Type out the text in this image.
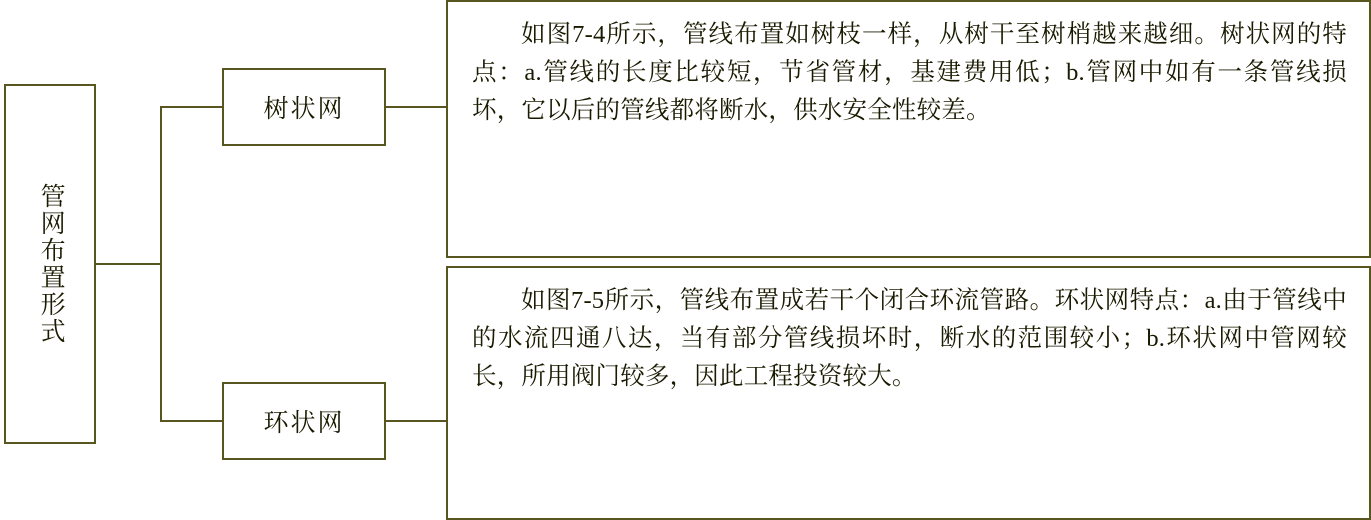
管网布置形式
树状网

如图7-4所示，管线布置如树枝一样，从树干至树梢越来越细。树状网的特点：a.管线的长度比较短，节省管材，基建费用低；b.管网中如有一条管线损坏，它以后的管线都将断水，供水安全性较差。

环状网

如图7-5所示，管线布置成若干个闭合环流管路。环状网特点：a.由于管线中的水流四通八达，当有部分管线损坏时，断水的范围较小；b.环状网中管网较长，所用阀门较多，因此工程投资较大。
